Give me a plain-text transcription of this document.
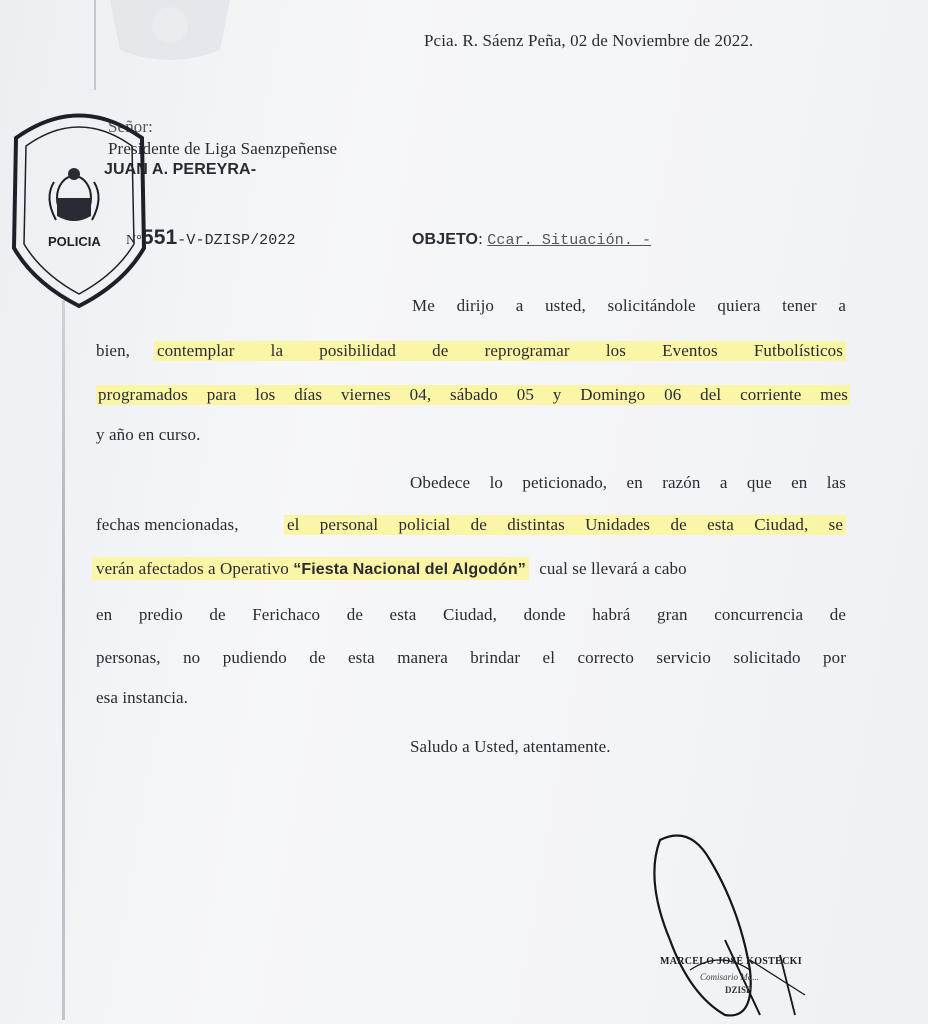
Pcia. R. Sáenz Peña, 02 de Noviembre de 2022.
Señor:
Presidente de Liga Saenzpeñense
JUAN A. PEREYRA-
N°551-V-DZISP/2022	OBJETO: Ccar. Situación. -
Me dirijo a usted, solicitándole quiera tener a
bien, contemplar la posibilidad de reprogramar los Eventos Futbolísticos
programados para los días viernes 04, sábado 05 y Domingo 06 del corriente mes
y año en curso.
Obedece lo peticionado, en razón a que en las
fechas mencionadas,	el personal policial de distintas Unidades de esta Ciudad, se
verán afectados a Operativo “Fiesta Nacional del Algodón” cual se llevará a cabo
en predio de Ferichaco de esta Ciudad, donde habrá gran concurrencia de
personas, no pudiendo de esta manera brindar el correcto servicio solicitado por
esa instancia.
Saludo a Usted, atentamente.
POLICIA
MARCELO JOSÉ KOSTECKI
Comisario Ma...
DZISP
